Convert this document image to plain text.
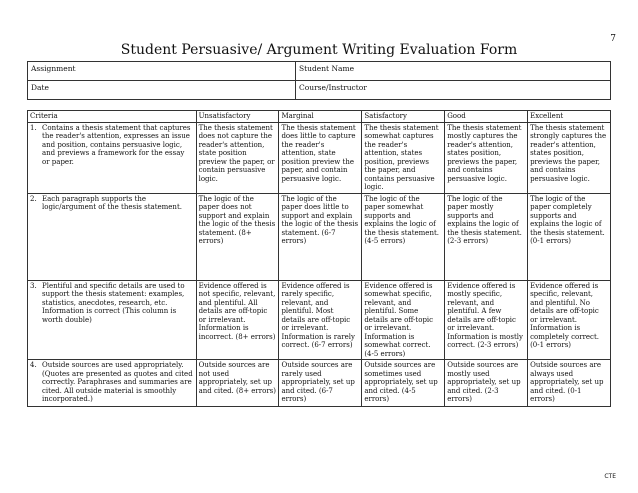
7
Student Persuasive/ Argument Writing Evaluation Form
Assignment	Student Name
Date	Course/Instructor
Criteria	Unsatisfactory	Marginal	Satisfactory	Good	Excellent

1. Contains a thesis statement that captures the reader's attention, expresses an issue and position, contains persuasive logic, and previews a framework for the essay or paper.	The thesis statement does not capture the reader's attention, state position preview the paper, or contain persuasive logic.	The thesis statement does little to capture the reader's attention, state position preview the paper, and contain persuasive logic.	The thesis statement somewhat captures the reader's attention, states position, previews the paper, and contains persuasive logic.	The thesis statement mostly captures the reader's attention, states position, previews the paper, and contains persuasive logic.	The thesis statement strongly captures the reader's attention, states position, previews the paper, and contains persuasive logic.

2. Each paragraph supports the logic/argument of the thesis statement.	The logic of the paper does not support and explain the logic of the thesis statement. (8+ errors)	The logic of the paper does little to support and explain the logic of the thesis statement. (6-7 errors)	The logic of the paper somewhat supports and explains the logic of the thesis statement. (4-5 errors)	The logic of the paper mostly supports and explains the logic of the thesis statement. (2-3 errors)	The logic of the paper completely supports and explains the logic of the thesis statement. (0-1 errors)

3. Plentiful and specific details are used to support the thesis statement: examples, statistics, anecdotes, research, etc. Information is correct (This column is worth double)	Evidence offered is not specific, relevant, and plentiful. All details are off-topic or irrelevant. Information is incorrect. (8+ errors)	Evidence offered is rarely specific, relevant, and plentiful. Most details are off-topic or irrelevant. Information is rarely correct. (6-7 errors)	Evidence offered is somewhat specific, relevant, and plentiful. Some details are off-topic or irrelevant. Information is somewhat correct. (4-5 errors)	Evidence offered is mostly specific, relevant, and plentiful. A few details are off-topic or irrelevant. Information is mostly correct. (2-3 errors)	Evidence offered is specific, relevant, and plentiful. No details are off-topic or irrelevant. Information is completely correct. (0-1 errors)

4. Outside sources are used appropriately. (Quotes are presented as quotes and cited correctly. Paraphrases and summaries are cited. All outside material is smoothly incorporated.)	Outside sources are not used appropriately, set up and cited. (8+ errors)	Outside sources are rarely used appropriately, set up and cited. (6-7 errors)	Outside sources are sometimes used appropriately, set up and cited. (4-5 errors)	Outside sources are mostly used appropriately, set up and cited. (2-3 errors)	Outside sources are always used appropriately, set up and cited. (0-1 errors)
CTE
